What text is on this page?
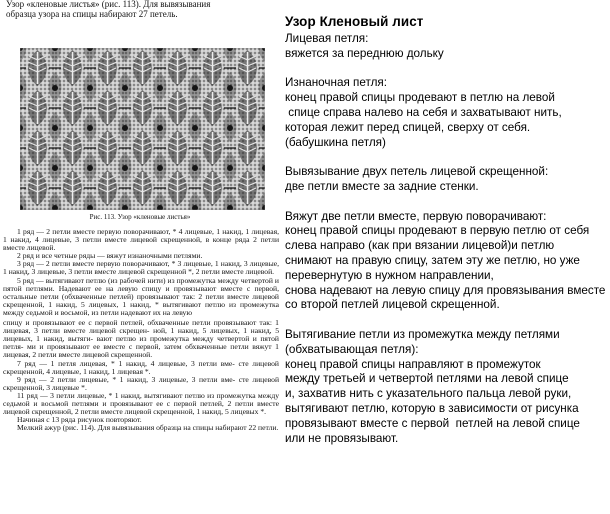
Узор «кленовые листья» (рис. 113). Для вывязывания
образца узора на спицы набирают 27 петель.
Рис. 113. Узор «кленовые листья»

1 ряд — 2 петли вместе первую поворачивают, * 4 лицевые, 1 накид, 1 лицевая, 1 накид, 4 лицевые, 3 петли вместе лицевой скрещенной, в конце ряда 2 петли вместе лицевой.

2 ряд и все четные ряды — вяжут изнаночными петлями.

3 ряд — 2 петли вместе первую поворачивают, * 3 лицевые, 1 накид, 3 лицевые, 1 накид, 3 лицевые, 3 петли вместе лицевой скрещенной *, 2 петли вместе лицевой.

5 ряд — вытягивают петлю (из рабочей нити) из промежутка между четвертой и пятой петлями. Надевают ее на левую спицу и провязывают вместе с первой, остальные петли (обхваченные петлей) провязывают так: 2 петли вместе лицевой скрещенной, 1 накид, 5 лицевых, 1 накид, * вытягивают петлю из промежутка между седьмой и восьмой, из петли надевают их на левую

спицу и провязывают ее с первой петлей, обхваченные петли провязывают так: 1 лицевая, 3 петли вместе лицевой скрещен- ной, 1 накид, 5 лицевых, 1 накид, 5 лицевых, 1 накид, вытяги- вают петлю из промежутка между четвертой и пятой петля- ми и провязывают ее вместе с первой, затем обхваченные петли вяжут 1 лицевая, 2 петли вместе лицевой скрещенной.

7 ряд — 1 петля лицевая, * 1 накид, 4 лицевые, 3 петли вме- сте лицевой скрещенной, 4 лицевые, 1 накид, 1 лицевая *.

9 ряд — 2 петли лицевые, * 1 накид, 3 лицевые, 3 петли вме- сте лицевой скрещенной, 3 лицевые *.

11 ряд — 3 петли лицевые, * 1 накид, вытягивают петлю из промежутка между седьмой и восьмой петлями и провязывают ее с первой петлей, 2 петли вместе лицевой скрещенной, 2 петли вместе лицевой скрещенной, 1 накид, 5 лицевых *.

Начиная с 13 ряда рисунок повторяют.

Мелкий ажур (рис. 114). Для вывязывания образца на спицы набирают 22 петли.

Узор Кленовый лист
Лицевая петля:
вяжется за переднюю дольку
Изнаночная петля:
конец правой спицы продевают в петлю на левой
спице справа налево на себя и захватывают нить,
которая лежит перед спицей, сверху от себя.
(бабушкина петля)
Вывязывание двух петель лицевой скрещенной:
две петли вместе за задние стенки.
Вяжут две петли вместе, первую поворачивают:
конец правой спицы продевают в первую петлю от себя
слева направо (как при вязании лицевой)и петлю
снимают на правую спицу, затем эту же петлю, но уже
перевернутую в нужном направлении,
снова надевают на левую спицу для провязывания вместе
со второй петлей лицевой скрещенной.
Вытягивание петли из промежутка между петлями
(обхватывающая петля):
конец правой спицы направляют в промежуток
между третьей и четвертой петлями на левой спице
и, захватив нить с указательного пальца левой руки,
вытягивают петлю, которую в зависимости от рисунка
провязывают вместе с первой  петлей на левой спице
или не провязывают.
